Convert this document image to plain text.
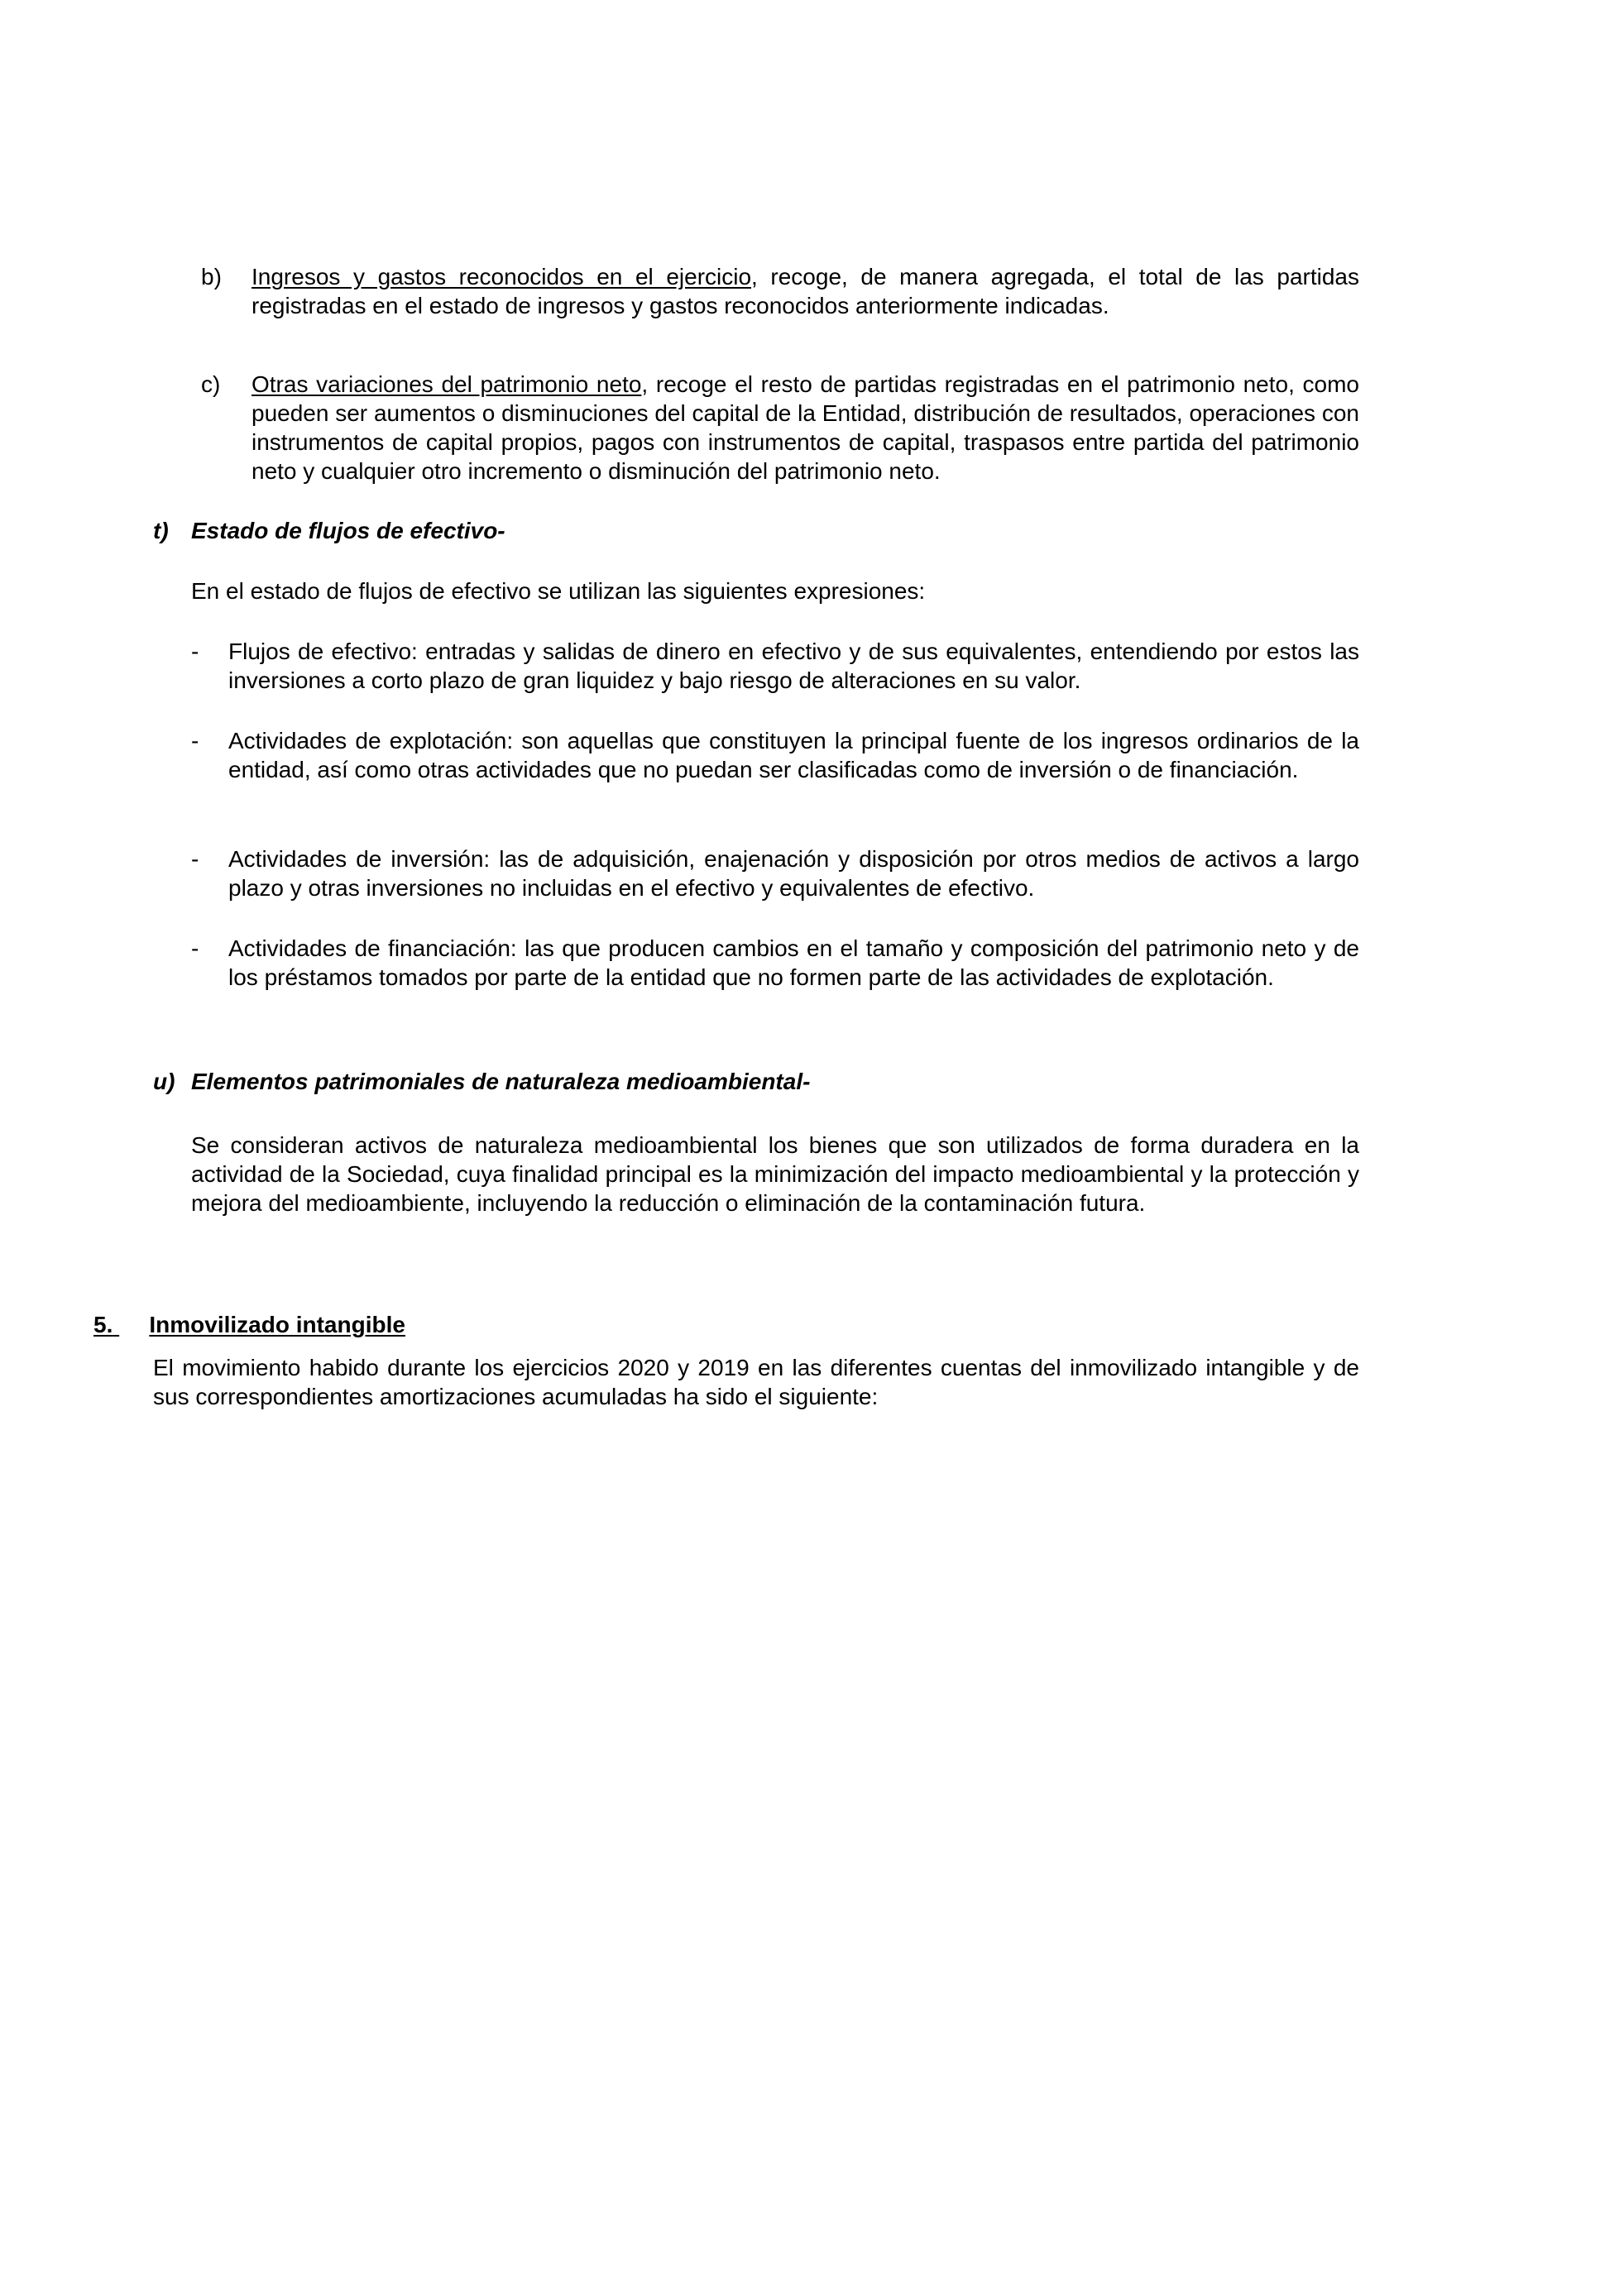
b)	Ingresos y gastos reconocidos en el ejercicio, recoge, de manera agregada, el total de las partidas registradas en el estado de ingresos y gastos reconocidos anteriormente indicadas.

c)	Otras variaciones del patrimonio neto, recoge el resto de partidas registradas en el patrimonio neto, como pueden ser aumentos o disminuciones del capital de la Entidad, distribución de resultados, operaciones con instrumentos de capital propios, pagos con instrumentos de capital, traspasos entre partida del patrimonio neto y cualquier otro incremento o disminución del patrimonio neto.

t) Estado de flujos de efectivo-

En el estado de flujos de efectivo se utilizan las siguientes expresiones:

-	Flujos de efectivo: entradas y salidas de dinero en efectivo y de sus equivalentes, entendiendo por estos las inversiones a corto plazo de gran liquidez y bajo riesgo de alteraciones en su valor.

-	Actividades de explotación: son aquellas que constituyen la principal fuente de los ingresos ordinarios de la entidad, así como otras actividades que no puedan ser clasificadas como de inversión o de financiación.

-	Actividades de inversión: las de adquisición, enajenación y disposición por otros medios de activos a largo plazo y otras inversiones no incluidas en el efectivo y equivalentes de efectivo.

-	Actividades de financiación: las que producen cambios en el tamaño y composición del patrimonio neto y de los préstamos tomados por parte de la entidad que no formen parte de las actividades de explotación.

u) Elementos patrimoniales de naturaleza medioambiental-

Se consideran activos de naturaleza medioambiental los bienes que son utilizados de forma duradera en la actividad de la Sociedad, cuya finalidad principal es la minimización del impacto medioambiental y la protección y mejora del medioambiente, incluyendo la reducción o eliminación de la contaminación futura.

5. Inmovilizado intangible

El movimiento habido durante los ejercicios 2020 y 2019 en las diferentes cuentas del inmovilizado intangible y de sus correspondientes amortizaciones acumuladas ha sido el siguiente:
